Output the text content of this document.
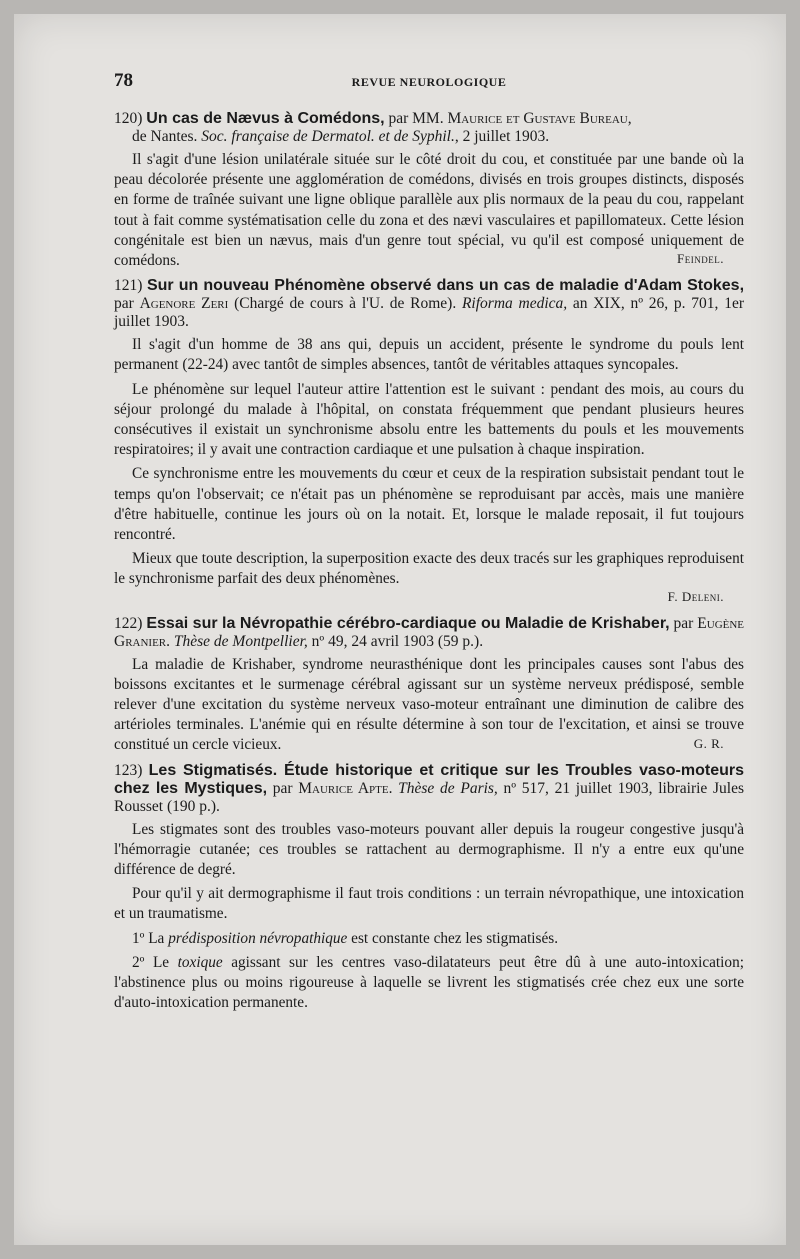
78	REVUE NEUROLOGIQUE
120) Un cas de Nævus à Comédons, par MM. Maurice et Gustave Bureau,
de Nantes. Soc. française de Dermatol. et de Syphil., 2 juillet 1903.

Il s'agit d'une lésion unilatérale située sur le côté droit du cou, et constituée par une bande où la peau décolorée présente une agglomération de comédons, divisés en trois groupes distincts, disposés en forme de traînée suivant une ligne oblique parallèle aux plis normaux de la peau du cou, rappelant tout à fait comme systématisation celle du zona et des nævi vasculaires et papillomateux. Cette lésion congénitale est bien un nævus, mais d'un genre tout spécial, vu qu'il est composé uniquement de comédons.	Feindel.
121) Sur un nouveau Phénomène observé dans un cas de maladie d'Adam Stokes, par Agenore Zeri (Chargé de cours à l'U. de Rome). Riforma medica, an XIX, nº 26, p. 701, 1er juillet 1903.

Il s'agit d'un homme de 38 ans qui, depuis un accident, présente le syndrome du pouls lent permanent (22-24) avec tantôt de simples absences, tantôt de véritables attaques syncopales.

Le phénomène sur lequel l'auteur attire l'attention est le suivant : pendant des mois, au cours du séjour prolongé du malade à l'hôpital, on constata fréquemment que pendant plusieurs heures consécutives il existait un synchronisme absolu entre les battements du pouls et les mouvements respiratoires; il y avait une contraction cardiaque et une pulsation à chaque inspiration.

Ce synchronisme entre les mouvements du cœur et ceux de la respiration subsistait pendant tout le temps qu'on l'observait; ce n'était pas un phénomène se reproduisant par accès, mais une manière d'être habituelle, continue les jours où on la notait. Et, lorsque le malade reposait, il fut toujours rencontré.

Mieux que toute description, la superposition exacte des deux tracés sur les graphiques reproduisent le synchronisme parfait des deux phénomènes.

F. Deleni.
122) Essai sur la Névropathie cérébro-cardiaque ou Maladie de Krishaber, par Eugène Granier. Thèse de Montpellier, nº 49, 24 avril 1903 (59 p.).

La maladie de Krishaber, syndrome neurasthénique dont les principales causes sont l'abus des boissons excitantes et le surmenage cérébral agissant sur un système nerveux prédisposé, semble relever d'une excitation du système nerveux vaso-moteur entraînant une diminution de calibre des artérioles terminales. L'anémie qui en résulte détermine à son tour de l'excitation, et ainsi se trouve constitué un cercle vicieux.	G. R.
123) Les Stigmatisés. Étude historique et critique sur les Troubles vaso-moteurs chez les Mystiques, par Maurice Apte. Thèse de Paris, nº 517, 21 juillet 1903, librairie Jules Rousset (190 p.).

Les stigmates sont des troubles vaso-moteurs pouvant aller depuis la rougeur congestive jusqu'à l'hémorragie cutanée; ces troubles se rattachent au dermographisme. Il n'y a entre eux qu'une différence de degré.

Pour qu'il y ait dermographisme il faut trois conditions : un terrain névropathique, une intoxication et un traumatisme.

1º La prédisposition névropathique est constante chez les stigmatisés.

2º Le toxique agissant sur les centres vaso-dilatateurs peut être dû à une auto-intoxication; l'abstinence plus ou moins rigoureuse à laquelle se livrent les stigmatisés crée chez eux une sorte d'auto-intoxication permanente.
